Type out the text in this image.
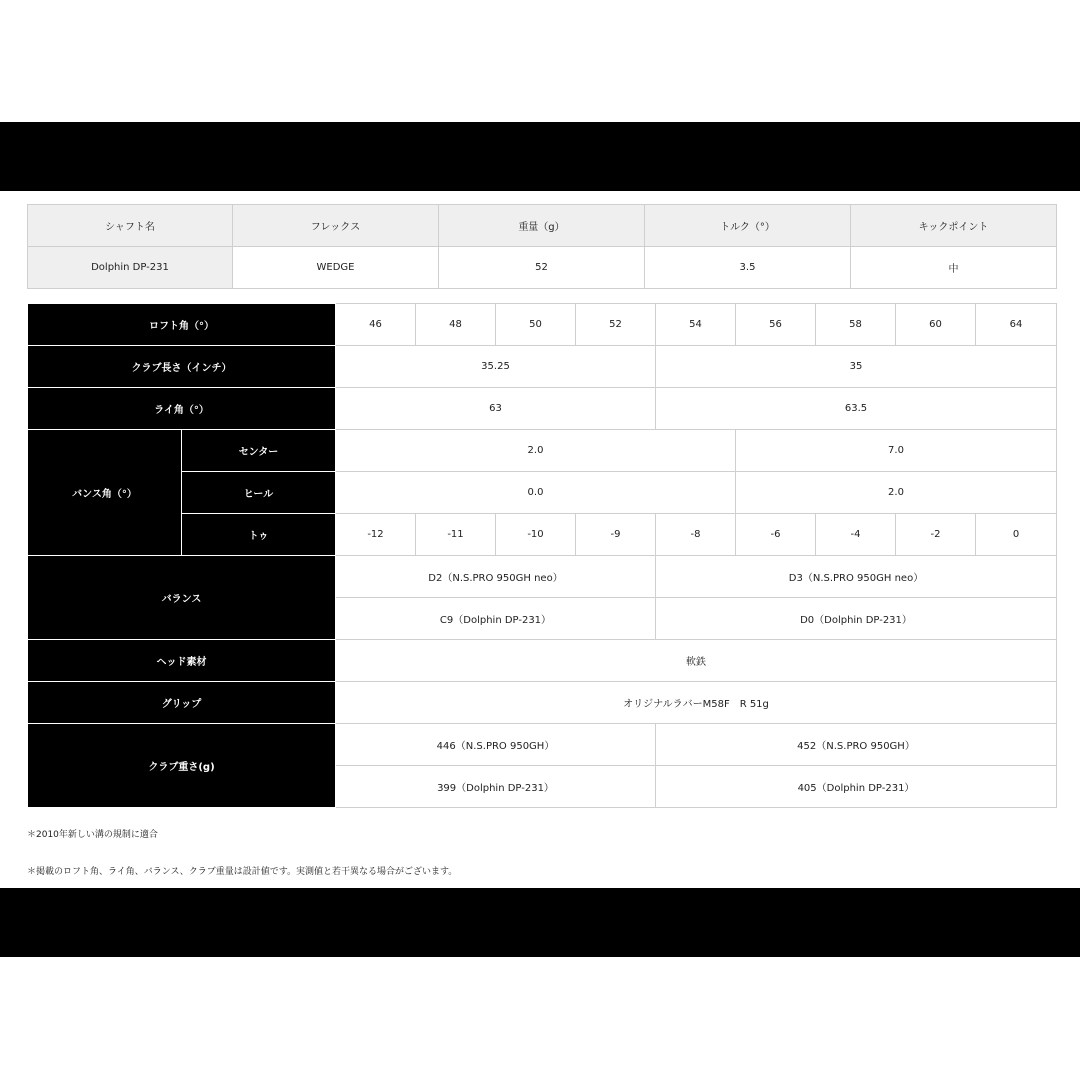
シャフト名	フレックス	重量（g）	トルク（°）	キックポイント
Dolphin DP-231	WEDGE	52	3.5	中
ロフト角（°）		46	48	50	52	54	56	58	60	64
クラブ長さ（インチ）		35.25				35				
ライ角（°）		63				63.5				
バンス角（°）	センター	2.0					7.0			
	ヒール	0.0					2.0			
	トゥ	-12	-11	-10	-9	-8	-6	-4	-2	0
バランス		D2（N.S.PRO 950GH neo）				D3（N.S.PRO 950GH neo）				
		C9（Dolphin DP-231）				D0（Dolphin DP-231）				
ヘッド素材		軟鉄								
グリップ		オリジナルラバーM58F　R 51g								
クラブ重さ(g)		446（N.S.PRO 950GH）				452（N.S.PRO 950GH）				
		399（Dolphin DP-231）				405（Dolphin DP-231）				
＊2010年新しい溝の規制に適合
＊掲載のロフト角、ライ角、バランス、クラブ重量は設計値です。実測値と若干異なる場合がございます。
